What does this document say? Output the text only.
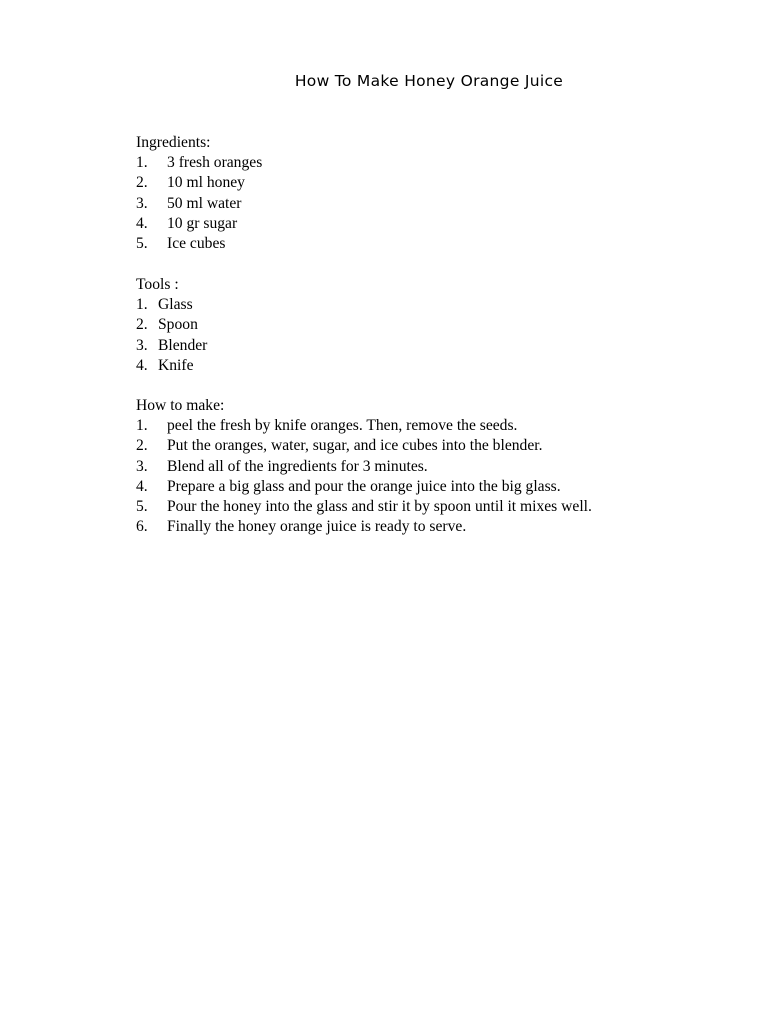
How To Make Honey Orange Juice
Ingredients:
1. 3 fresh oranges
2. 10 ml honey
3. 50 ml water
4. 10 gr sugar
5. Ice cubes
Tools :
1. Glass
2. Spoon
3. Blender
4. Knife
How to make:
1. peel the fresh by knife oranges. Then, remove the seeds.
2. Put the oranges, water, sugar, and ice cubes into the blender.
3. Blend all of the ingredients for 3 minutes.
4. Prepare a big glass and pour the orange juice into the big glass.
5. Pour the honey into the glass and stir it by spoon until it mixes well.
6. Finally the honey orange juice is ready to serve.
